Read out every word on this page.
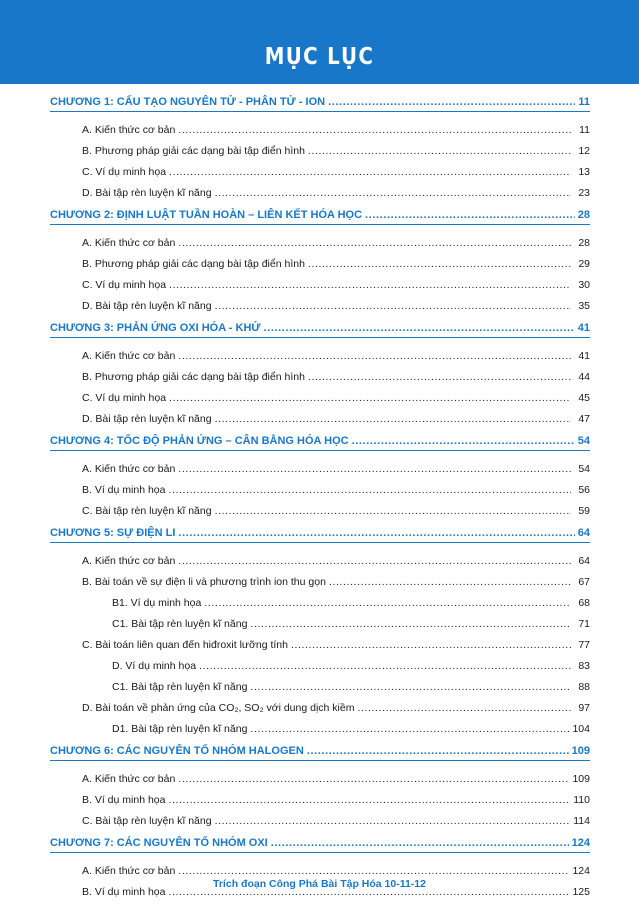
MỤC LỤC
CHƯƠNG 1: CẤU TẠO NGUYÊN TỬ - PHÂN TỬ - ION .....	11
A. Kiến thức cơ bản .....	11
B. Phương pháp giải các dạng bài tập điển hình .....	12
C. Ví dụ minh họa .....	13
D. Bài tập rèn luyện kĩ năng .....	23
CHƯƠNG 2: ĐỊNH LUẬT TUẦN HOÀN – LIÊN KẾT HÓA HỌC .....	28
A. Kiến thức cơ bản .....	28
B. Phương pháp giải các dạng bài tập điển hình .....	29
C. Ví dụ minh họa .....	30
D. Bài tập rèn luyện kĩ năng .....	35
CHƯƠNG 3: PHẢN ỨNG OXI HÓA - KHỬ .....	41
A. Kiến thức cơ bản .....	41
B. Phương pháp giải các dạng bài tập điển hình .....	44
C. Ví dụ minh họa .....	45
D. Bài tập rèn luyện kĩ năng .....	47
CHƯƠNG 4: TỐC ĐỘ PHẢN ỨNG – CÂN BẰNG HÓA HỌC .....	54
A. Kiến thức cơ bản .....	54
B. Ví dụ minh họa .....	56
C. Bài tập rèn luyện kĩ năng .....	59
CHƯƠNG 5: SỰ ĐIỆN LI .....	64
A. Kiến thức cơ bản .....	64
B. Bài toán về sự điện li và phương trình ion thu gọn .....	67
B1. Ví dụ minh họa .....	68
C1. Bài tập rèn luyện kĩ năng .....	71
C. Bài toán liên quan đến hiđroxit lưỡng tính .....	77
D. Ví dụ minh họa .....	83
C1. Bài tập rèn luyện kĩ năng .....	88
D. Bài toán về phản ứng của CO₂, SO₂ với dung dịch kiềm .....	97
D1. Bài tập rèn luyện kĩ năng .....	104
CHƯƠNG 6: CÁC NGUYÊN TỐ NHÓM HALOGEN .....	109
A. Kiến thức cơ bản .....	109
B. Ví dụ minh họa .....	110
C. Bài tập rèn luyện kĩ năng .....	114
CHƯƠNG 7: CÁC NGUYÊN TỐ NHÓM OXI .....	124
A. Kiến thức cơ bản .....	124
B. Ví dụ minh họa .....	125
Trích đoạn Công Phá Bài Tập Hóa 10-11-12
